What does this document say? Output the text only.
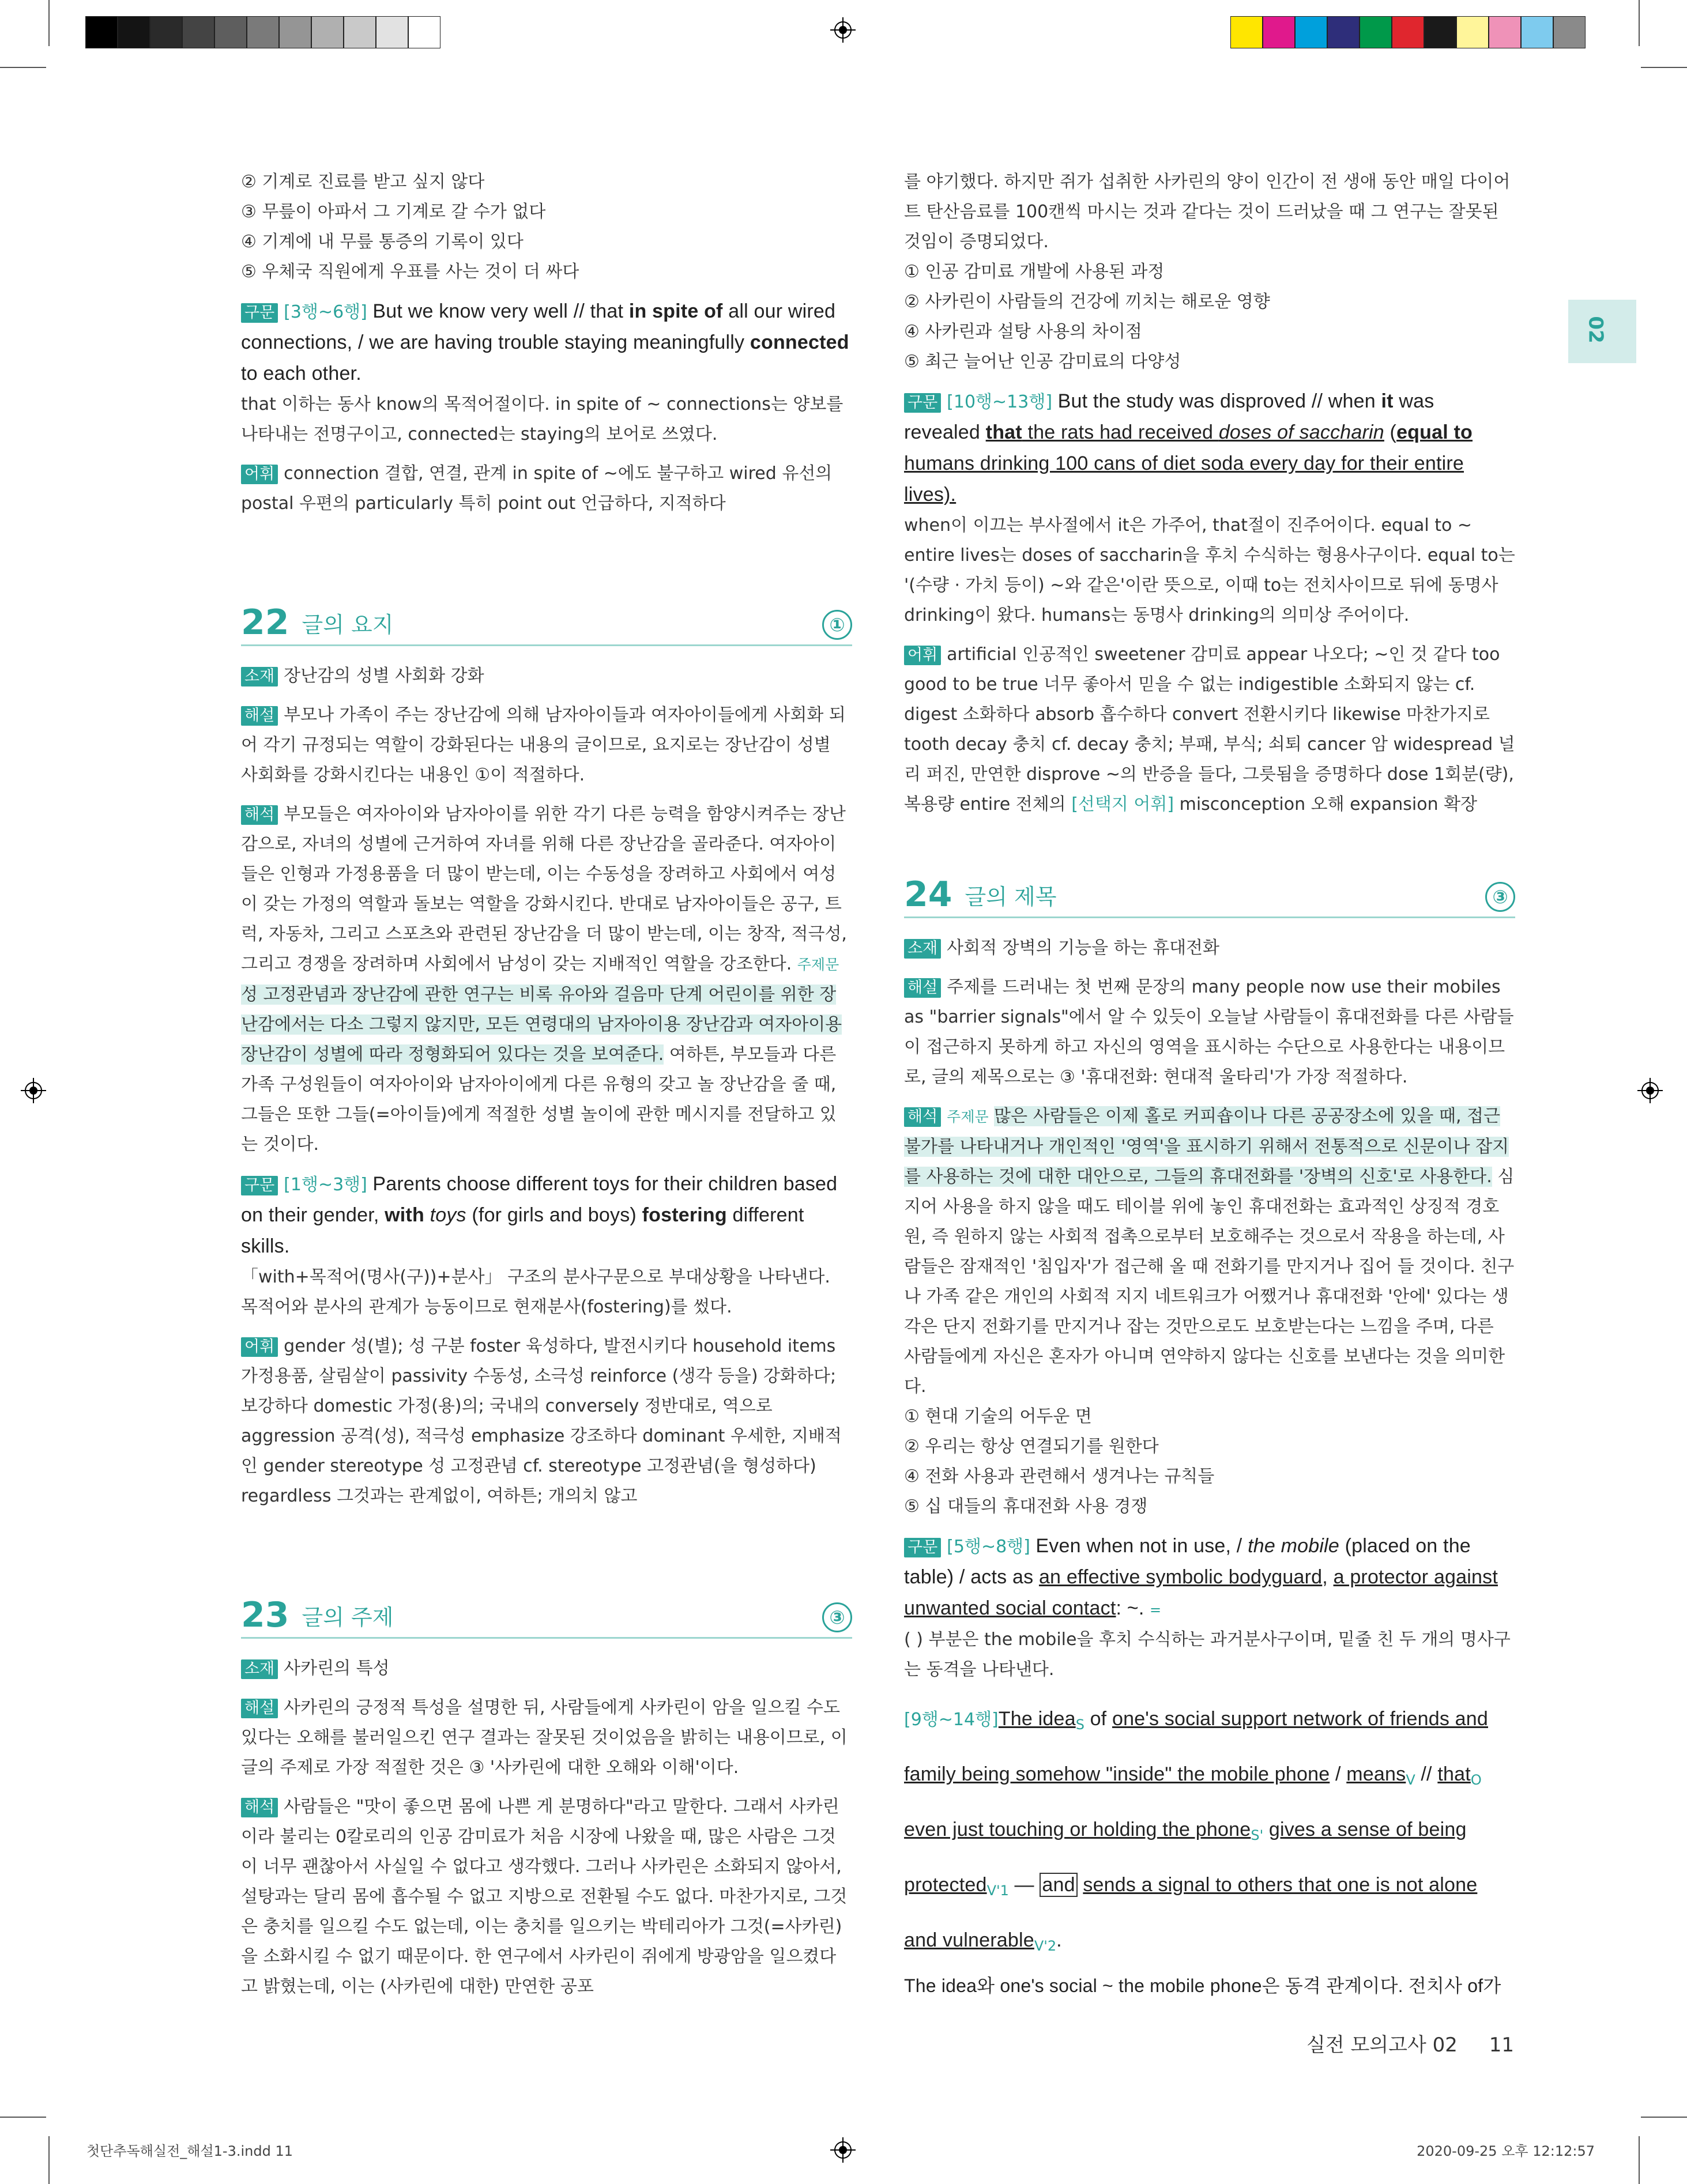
02

② 기계로 진료를 받고 싶지 않다

③ 무릎이 아파서 그 기계로 갈 수가 없다

④ 기계에 내 무릎 통증의 기록이 있다

⑤ 우체국 직원에게 우표를 사는 것이 더 싸다

구문 [3행~6행] But we know very well // that in spite of all our wired connections, / we are having trouble staying meaningfully connected to each other.

that 이하는 동사 know의 목적어절이다. in spite of ~ connections는 양보를 나타내는 전명구이고, connected는 staying의 보어로 쓰였다.

어휘 connection 결합, 연결, 관계 in spite of ~에도 불구하고 wired 유선의 postal 우편의 particularly 특히 point out 언급하다, 지적하다

22 글의 요지	①

소재 장난감의 성별 사회화 강화

해설 부모나 가족이 주는 장난감에 의해 남자아이들과 여자아이들에게 사회화 되어 각기 규정되는 역할이 강화된다는 내용의 글이므로, 요지로는 장난감이 성별 사회화를 강화시킨다는 내용인 ①이 적절하다.

해석 부모들은 여자아이와 남자아이를 위한 각기 다른 능력을 함양시켜주는 장난감으로, 자녀의 성별에 근거하여 자녀를 위해 다른 장난감을 골라준다. 여자아이들은 인형과 가정용품을 더 많이 받는데, 이는 수동성을 장려하고 사회에서 여성이 갖는 가정의 역할과 돌보는 역할을 강화시킨다. 반대로 남자아이들은 공구, 트럭, 자동차, 그리고 스포츠와 관련된 장난감을 더 많이 받는데, 이는 창작, 적극성, 그리고 경쟁을 장려하며 사회에서 남성이 갖는 지배적인 역할을 강조한다. 주제문 성 고정관념과 장난감에 관한 연구는 비록 유아와 걸음마 단계 어린이를 위한 장난감에서는 다소 그렇지 않지만, 모든 연령대의 남자아이용 장난감과 여자아이용 장난감이 성별에 따라 정형화되어 있다는 것을 보여준다. 여하튼, 부모들과 다른 가족 구성원들이 여자아이와 남자아이에게 다른 유형의 갖고 놀 장난감을 줄 때, 그들은 또한 그들(=아이들)에게 적절한 성별 놀이에 관한 메시지를 전달하고 있는 것이다.

구문 [1행~3행] Parents choose different toys for their children based on their gender, with toys (for girls and boys) fostering different skills.

「with+목적어(명사(구))+분사」 구조의 분사구문으로 부대상황을 나타낸다. 목적어와 분사의 관계가 능동이므로 현재분사(fostering)를 썼다.

어휘 gender 성(별); 성 구분 foster 육성하다, 발전시키다 household items 가정용품, 살림살이 passivity 수동성, 소극성 reinforce (생각 등을) 강화하다; 보강하다 domestic 가정(용)의; 국내의 conversely 정반대로, 역으로 aggression 공격(성), 적극성 emphasize 강조하다 dominant 우세한, 지배적인 gender stereotype 성 고정관념 cf. stereotype 고정관념(을 형성하다) regardless 그것과는 관계없이, 여하튼; 개의치 않고

23 글의 주제	③

소재 사카린의 특성

해설 사카린의 긍정적 특성을 설명한 뒤, 사람들에게 사카린이 암을 일으킬 수도 있다는 오해를 불러일으킨 연구 결과는 잘못된 것이었음을 밝히는 내용이므로, 이 글의 주제로 가장 적절한 것은 ③ '사카린에 대한 오해와 이해'이다.

해석 사람들은 "맛이 좋으면 몸에 나쁜 게 분명하다"라고 말한다. 그래서 사카린이라 불리는 0칼로리의 인공 감미료가 처음 시장에 나왔을 때, 많은 사람은 그것이 너무 괜찮아서 사실일 수 없다고 생각했다. 그러나 사카린은 소화되지 않아서, 설탕과는 달리 몸에 흡수될 수 없고 지방으로 전환될 수도 없다. 마찬가지로, 그것은 충치를 일으킬 수도 없는데, 이는 충치를 일으키는 박테리아가 그것(=사카린)을 소화시킬 수 없기 때문이다. 한 연구에서 사카린이 쥐에게 방광암을 일으켰다고 밝혔는데, 이는 (사카린에 대한) 만연한 공포

를 야기했다. 하지만 쥐가 섭취한 사카린의 양이 인간이 전 생애 동안 매일 다이어트 탄산음료를 100캔씩 마시는 것과 같다는 것이 드러났을 때 그 연구는 잘못된 것임이 증명되었다.

① 인공 감미료 개발에 사용된 과정

② 사카린이 사람들의 건강에 끼치는 해로운 영향

④ 사카린과 설탕 사용의 차이점

⑤ 최근 늘어난 인공 감미료의 다양성

구문 [10행~13행] But the study was disproved // when it was revealed that the rats had received doses of saccharin (equal to humans drinking 100 cans of diet soda every day for their entire lives).

when이 이끄는 부사절에서 it은 가주어, that절이 진주어이다. equal to ~ entire lives는 doses of saccharin을 후치 수식하는 형용사구이다. equal to는 '(수량 · 가치 등이) ~와 같은'이란 뜻으로, 이때 to는 전치사이므로 뒤에 동명사 drinking이 왔다. humans는 동명사 drinking의 의미상 주어이다.

어휘 artificial 인공적인 sweetener 감미료 appear 나오다; ~인 것 같다 too good to be true 너무 좋아서 믿을 수 없는 indigestible 소화되지 않는 cf. digest 소화하다 absorb 흡수하다 convert 전환시키다 likewise 마찬가지로 tooth decay 충치 cf. decay 충치; 부패, 부식; 쇠퇴 cancer 암 widespread 널리 퍼진, 만연한 disprove ~의 반증을 들다, 그릇됨을 증명하다 dose 1회분(량), 복용량 entire 전체의 [선택지 어휘] misconception 오해 expansion 확장

24 글의 제목	③

소재 사회적 장벽의 기능을 하는 휴대전화

해설 주제를 드러내는 첫 번째 문장의 many people now use their mobiles as "barrier signals"에서 알 수 있듯이 오늘날 사람들이 휴대전화를 다른 사람들이 접근하지 못하게 하고 자신의 영역을 표시하는 수단으로 사용한다는 내용이므로, 글의 제목으로는 ③ '휴대전화: 현대적 울타리'가 가장 적절하다.

해석 주제문 많은 사람들은 이제 홀로 커피숍이나 다른 공공장소에 있을 때, 접근 불가를 나타내거나 개인적인 '영역'을 표시하기 위해서 전통적으로 신문이나 잡지를 사용하는 것에 대한 대안으로, 그들의 휴대전화를 '장벽의 신호'로 사용한다. 심지어 사용을 하지 않을 때도 테이블 위에 놓인 휴대전화는 효과적인 상징적 경호원, 즉 원하지 않는 사회적 접촉으로부터 보호해주는 것으로서 작용을 하는데, 사람들은 잠재적인 '침입자'가 접근해 올 때 전화기를 만지거나 집어 들 것이다. 친구나 가족 같은 개인의 사회적 지지 네트워크가 어쨌거나 휴대전화 '안에' 있다는 생각은 단지 전화기를 만지거나 잡는 것만으로도 보호받는다는 느낌을 주며, 다른 사람들에게 자신은 혼자가 아니며 연약하지 않다는 신호를 보낸다는 것을 의미한다.

① 현대 기술의 어두운 면

② 우리는 항상 연결되기를 원한다

④ 전화 사용과 관련해서 생겨나는 규칙들

⑤ 십 대들의 휴대전화 사용 경쟁

구문 [5행~8행] Even when not in use, / the mobile (placed on the table) / acts as an effective symbolic bodyguard, a protector against unwanted social contact: ~. =

( ) 부분은 the mobile을 후치 수식하는 과거분사구이며, 밑줄 친 두 개의 명사구는 동격을 나타낸다.

[9행~14행]The idea$_S$ of one's social support network of friends and family being somehow "inside" the mobile phone / means$_V$ // that$_O$ even just touching or holding the phone$_{S'}$ gives a sense of being protected$_{V'1}$ — and sends a signal to others that one is not alone and vulnerable$_{V'2}$.

The idea와 one's social ~ the mobile phone은 동격 관계이다. 전치사 of가

실전 모의고사 02 11
첫단추독해실전_해설1-3.indd 11	2020-09-25 오후 12:12:57
